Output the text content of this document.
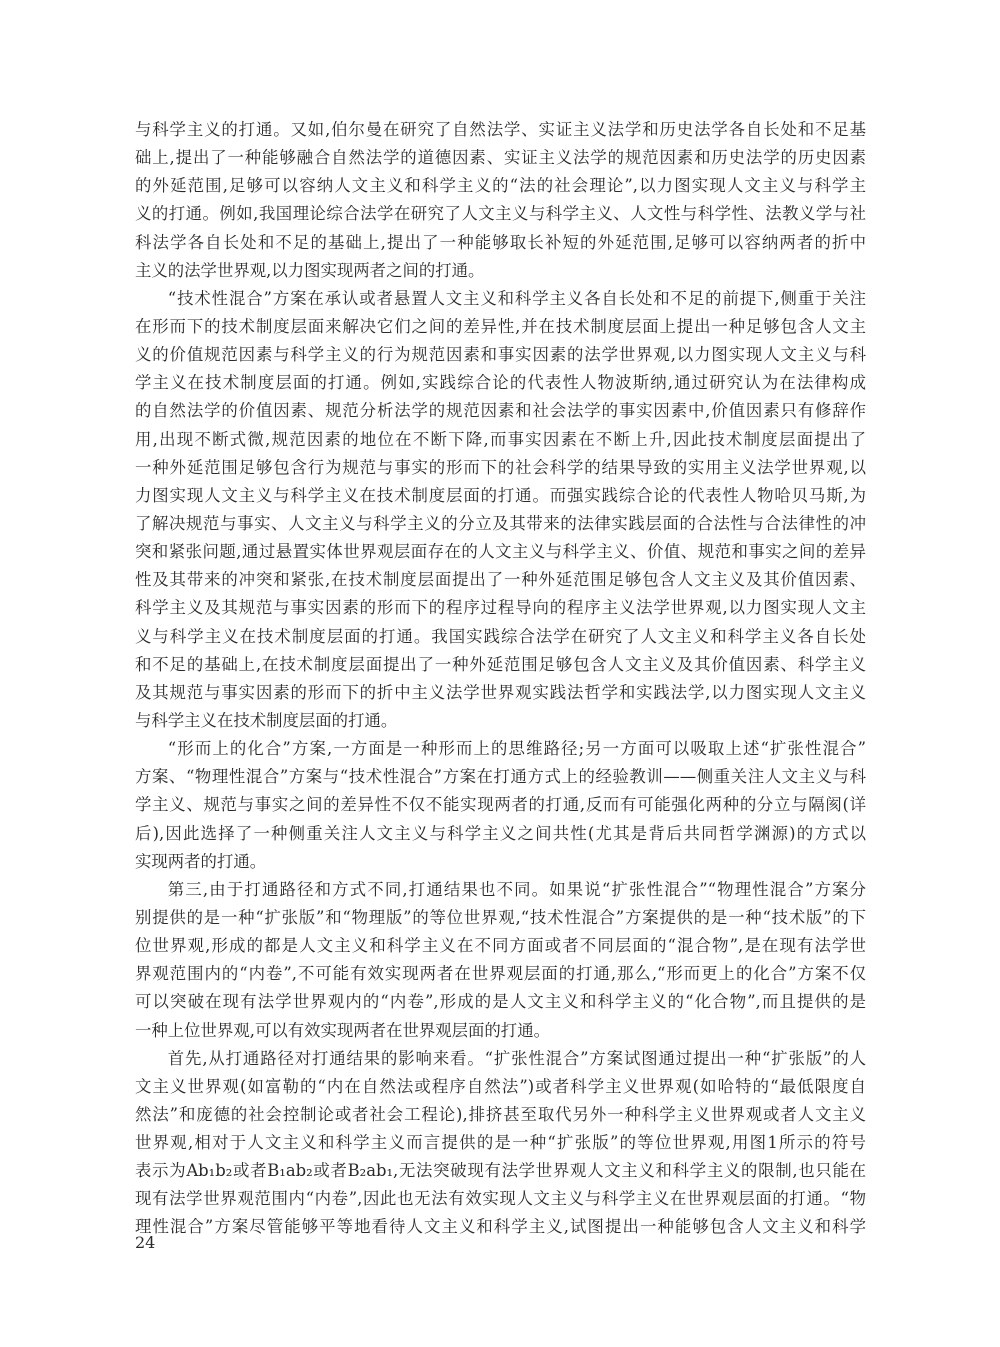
与科学主义的打通。又如,伯尔曼在研究了自然法学、实证主义法学和历史法学各自长处和不足基
础上,提出了一种能够融合自然法学的道德因素、实证主义法学的规范因素和历史法学的历史因素
的外延范围,足够可以容纳人文主义和科学主义的“法的社会理论”,以力图实现人文主义与科学主
义的打通。例如,我国理论综合法学在研究了人文主义与科学主义、人文性与科学性、法教义学与社
科法学各自长处和不足的基础上,提出了一种能够取长补短的外延范围,足够可以容纳两者的折中
主义的法学世界观,以力图实现两者之间的打通。
“技术性混合”方案在承认或者悬置人文主义和科学主义各自长处和不足的前提下,侧重于关注
在形而下的技术制度层面来解决它们之间的差异性,并在技术制度层面上提出一种足够包含人文主
义的价值规范因素与科学主义的行为规范因素和事实因素的法学世界观,以力图实现人文主义与科
学主义在技术制度层面的打通。例如,实践综合论的代表性人物波斯纳,通过研究认为在法律构成
的自然法学的价值因素、规范分析法学的规范因素和社会法学的事实因素中,价值因素只有修辞作
用,出现不断式微,规范因素的地位在不断下降,而事实因素在不断上升,因此技术制度层面提出了
一种外延范围足够包含行为规范与事实的形而下的社会科学的结果导致的实用主义法学世界观,以
力图实现人文主义与科学主义在技术制度层面的打通。而强实践综合论的代表性人物哈贝马斯,为
了解决规范与事实、人文主义与科学主义的分立及其带来的法律实践层面的合法性与合法律性的冲
突和紧张问题,通过悬置实体世界观层面存在的人文主义与科学主义、价值、规范和事实之间的差异
性及其带来的冲突和紧张,在技术制度层面提出了一种外延范围足够包含人文主义及其价值因素、
科学主义及其规范与事实因素的形而下的程序过程导向的程序主义法学世界观,以力图实现人文主
义与科学主义在技术制度层面的打通。我国实践综合法学在研究了人文主义和科学主义各自长处
和不足的基础上,在技术制度层面提出了一种外延范围足够包含人文主义及其价值因素、科学主义
及其规范与事实因素的形而下的折中主义法学世界观实践法哲学和实践法学,以力图实现人文主义
与科学主义在技术制度层面的打通。
“形而上的化合”方案,一方面是一种形而上的思维路径;另一方面可以吸取上述“扩张性混合”
方案、“物理性混合”方案与“技术性混合”方案在打通方式上的经验教训——侧重关注人文主义与科
学主义、规范与事实之间的差异性不仅不能实现两者的打通,反而有可能强化两种的分立与隔阂(详
后),因此选择了一种侧重关注人文主义与科学主义之间共性(尤其是背后共同哲学渊源)的方式以
实现两者的打通。
第三,由于打通路径和方式不同,打通结果也不同。如果说“扩张性混合”“物理性混合”方案分
别提供的是一种“扩张版”和“物理版”的等位世界观,“技术性混合”方案提供的是一种“技术版”的下
位世界观,形成的都是人文主义和科学主义在不同方面或者不同层面的“混合物”,是在现有法学世
界观范围内的“内卷”,不可能有效实现两者在世界观层面的打通,那么,“形而更上的化合”方案不仅
可以突破在现有法学世界观内的“内卷”,形成的是人文主义和科学主义的“化合物”,而且提供的是
一种上位世界观,可以有效实现两者在世界观层面的打通。
首先,从打通路径对打通结果的影响来看。“扩张性混合”方案试图通过提出一种“扩张版”的人
文主义世界观(如富勒的“内在自然法或程序自然法”)或者科学主义世界观(如哈特的“最低限度自
然法”和庞德的社会控制论或者社会工程论),排挤甚至取代另外一种科学主义世界观或者人文主义
世界观,相对于人文主义和科学主义而言提供的是一种“扩张版”的等位世界观,用图1所示的符号
表示为Ab₁b₂或者B₁ab₂或者B₂ab₁,无法突破现有法学世界观人文主义和科学主义的限制,也只能在
现有法学世界观范围内“内卷”,因此也无法有效实现人文主义与科学主义在世界观层面的打通。“物
理性混合”方案尽管能够平等地看待人文主义和科学主义,试图提出一种能够包含人文主义和科学
24
